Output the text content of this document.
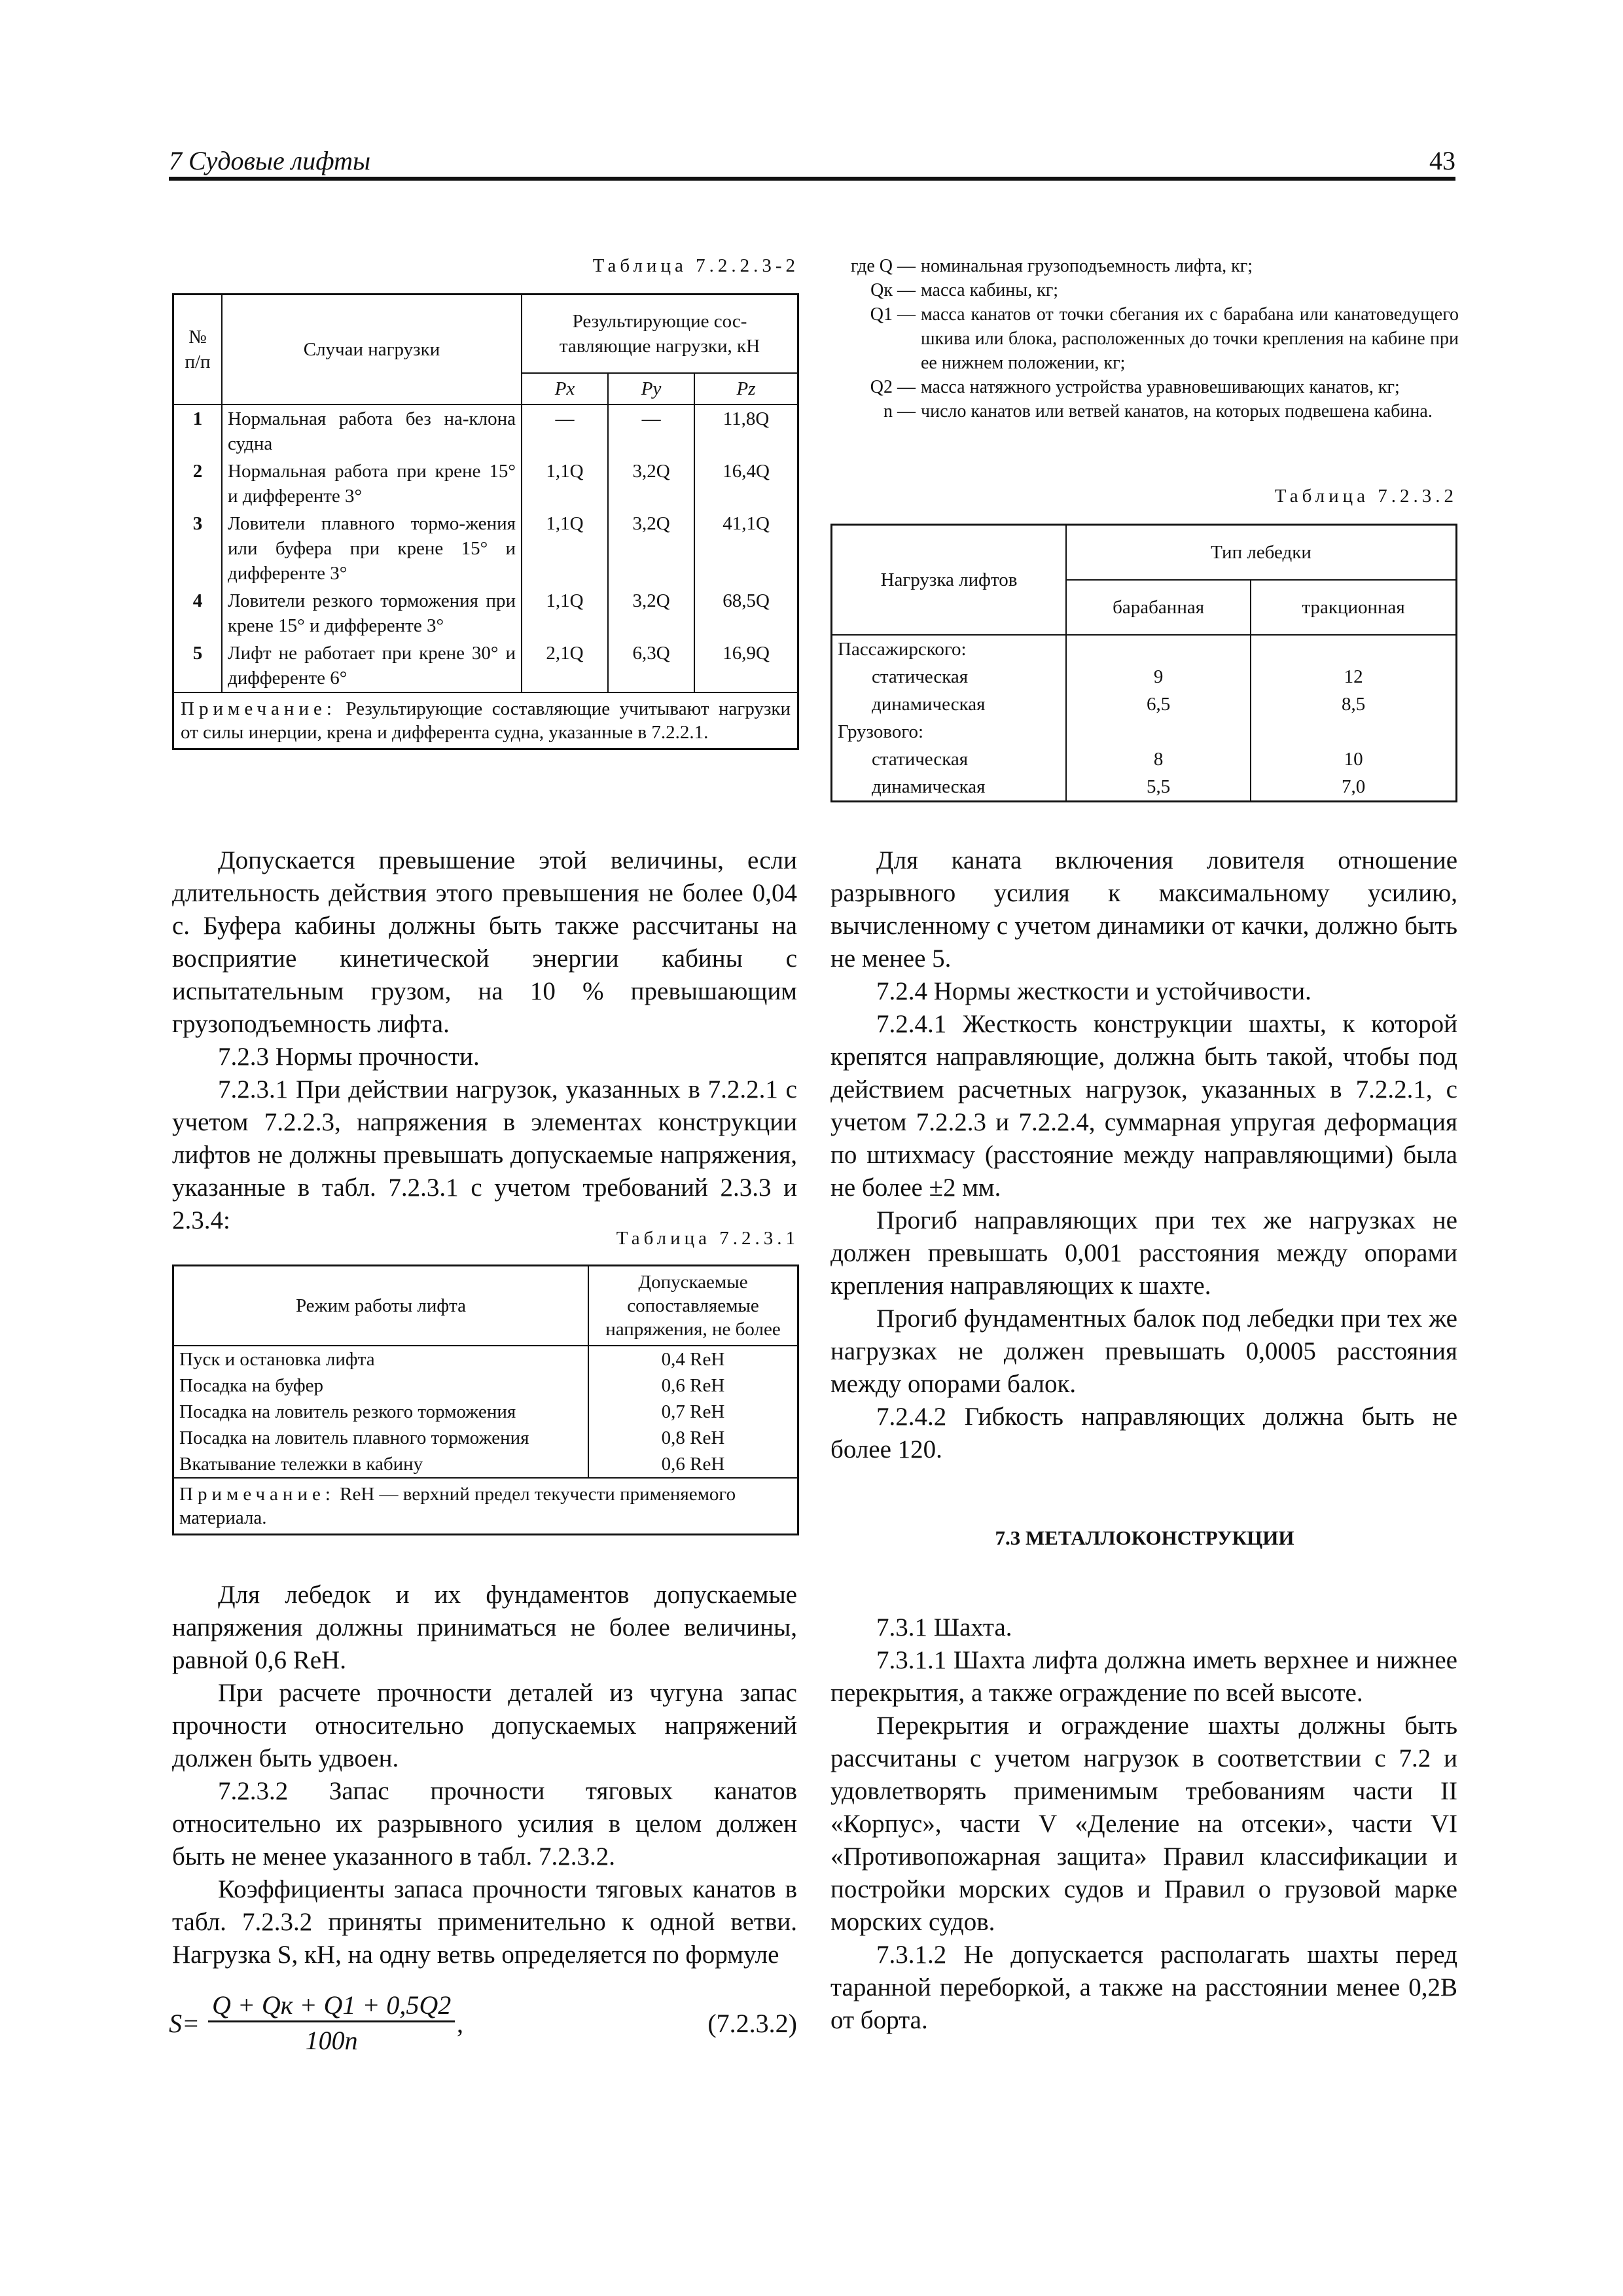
7 Судовые лифты	43
Таблица 7.2.2.3-2
№
п/п	Случаи нагрузки	Результирующие сос-тавляющие нагрузки, кН		
		Px	Py	Pz
1	Нормальная работа без на-клона судна	—	—	11,8Q
2	Нормальная работа при крене 15° и дифференте 3°	1,1Q	3,2Q	16,4Q
3	Ловители плавного тормо-жения или буфера при крене 15° и дифференте 3°	1,1Q	3,2Q	41,1Q
4	Ловители резкого торможения при крене 15° и дифференте 3°	1,1Q	3,2Q	68,5Q
5	Лифт не работает при крене 30° и дифференте 6°	2,1Q	6,3Q	16,9Q
Примечание: Результирующие составляющие учитывают нагрузки от силы инерции, крена и дифферента судна, указанные в 7.2.2.1.				
где Q — номинальная грузоподъемность лифта, кг;
Qк — масса кабины, кг;
Q1 — масса канатов от точки сбегания их с барабана или канатоведущего шкива или блока, расположенных до точки крепления на кабине при ее нижнем положении, кг;
Q2 — масса натяжного устройства уравновешивающих канатов, кг;
n — число канатов или ветвей канатов, на которых подвешена кабина.
Таблица 7.2.3.2
Нагрузка лифтов	Тип лебедки	
	барабанная	тракционная
Пассажирского:		
статическая	9	12
динамическая	6,5	8,5
Грузового:		
статическая	8	10
динамическая	5,5	7,0
Допускается превышение этой величины, если длительность действия этого превышения не более 0,04 с. Буфера кабины должны быть также рассчитаны на восприятие кинетической энергии кабины с испытательным грузом, на 10 % превышающим грузоподъемность лифта.
7.2.3 Нормы прочности.
7.2.3.1 При действии нагрузок, указанных в 7.2.2.1 с учетом 7.2.2.3, напряжения в элементах конструкции лифтов не должны превышать допускаемые напряжения, указанные в табл. 7.2.3.1 с учетом требований 2.3.3 и 2.3.4:
Таблица 7.2.3.1
Режим работы лифта	Допускаемые сопоставляемые напряжения, не более
Пуск и остановка лифта	0,4 ReH
Посадка на буфер	0,6 ReH
Посадка на ловитель резкого торможения	0,7 ReH
Посадка на ловитель плавного торможения	0,8 ReH
Вкатывание тележки в кабину	0,6 ReH
Примечание: ReH — верхний предел текучести применяемого материала.	
Для лебедок и их фундаментов допускаемые напряжения должны приниматься не более величины, равной 0,6 ReH.
При расчете прочности деталей из чугуна запас прочности относительно допускаемых напряжений должен быть удвоен.
7.2.3.2 Запас прочности тяговых канатов относительно их разрывного усилия в целом должен быть не менее указанного в табл. 7.2.3.2.
Коэффициенты запаса прочности тяговых канатов в табл. 7.2.3.2 приняты применительно к одной ветви. Нагрузка S, кН, на одну ветвь определяется по формуле
S=
Q + Qк + Q1 + 0,5Q2
100n
,	(7.2.3.2)
Для каната включения ловителя отношение разрывного усилия к максимальному усилию, вычисленному с учетом динамики от качки, должно быть не менее 5.
7.2.4 Нормы жесткости и устойчивости.
7.2.4.1 Жесткость конструкции шахты, к которой крепятся направляющие, должна быть такой, чтобы под действием расчетных нагрузок, указанных в 7.2.2.1, с учетом 7.2.2.3 и 7.2.2.4, суммарная упругая деформация по штихмасу (расстояние между направляющими) была не более ±2 мм.
Прогиб направляющих при тех же нагрузках не должен превышать 0,001 расстояния между опорами крепления направляющих к шахте.
Прогиб фундаментных балок под лебедки при тех же нагрузках не должен превышать 0,0005 расстояния между опорами балок.
7.2.4.2 Гибкость направляющих должна быть не более 120.
7.3 МЕТАЛЛОКОНСТРУКЦИИ
7.3.1 Шахта.
7.3.1.1 Шахта лифта должна иметь верхнее и нижнее перекрытия, а также ограждение по всей высоте.
Перекрытия и ограждение шахты должны быть рассчитаны с учетом нагрузок в соответствии с 7.2 и удовлетворять применимым требованиям части II «Корпус», части V «Деление на отсеки», части VI «Противопожарная защита» Правил классификации и постройки морских судов и Правил о грузовой марке морских судов.
7.3.1.2 Не допускается располагать шахты перед таранной переборкой, а также на расстоянии менее 0,2B от борта.
